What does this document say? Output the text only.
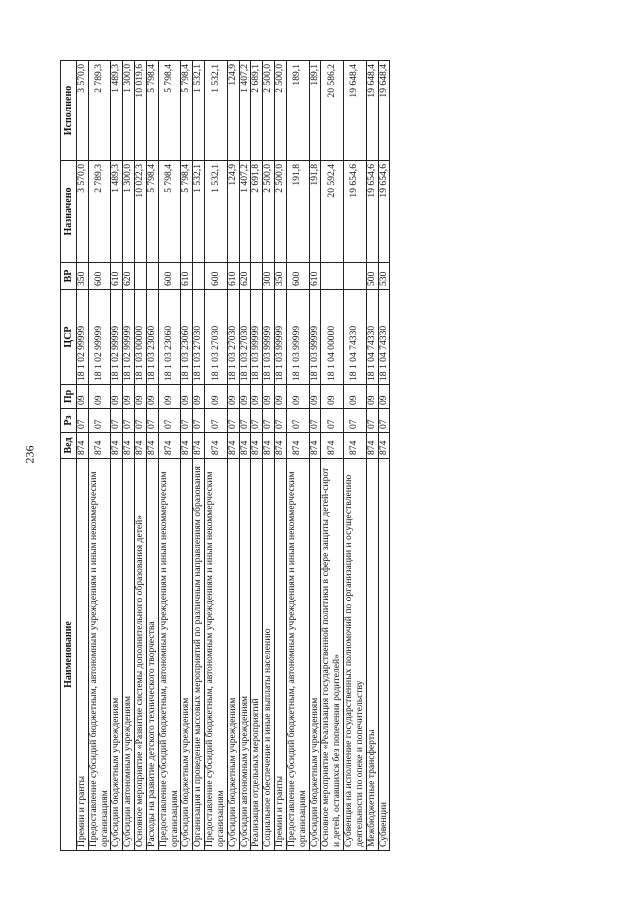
236
Наименование	Вед	Рз	Пр	ЦСР	ВР	Назначено	Исполнено
Премии и гранты	874	07	09	18 1 02 99999	350	3 570,0	3 570,0
Предоставление субсидий бюджетным, автономным учреждениям и иным некоммерческим организациям	874	07	09	18 1 02 99999	600	2 789,3	2 789,3
Субсидии бюджетным учреждениям	874	07	09	18 1 02 99999	610	1 489,3	1 489,3
Субсидии автономным учреждениям	874	07	09	18 1 02 99999	620	1 300,0	1 300,0
Основное мероприятие «Развитие системы дополнительного образования детей»	874	07	09	18 1 03 00000		10 022,3	10 019,6
Расходы на развитие детского технического творчества	874	07	09	18 1 03 23060		5 798,4	5 798,4
Предоставление субсидий бюджетным, автономным учреждениям и иным некоммерческим организациям	874	07	09	18 1 03 23060	600	5 798,4	5 798,4
Субсидии бюджетным учреждениям	874	07	09	18 1 03 23060	610	5 798,4	5 798,4
Организация и проведение массовых мероприятий по различным направлениям образования	874	07	09	18 1 03 27030		1 532,1	1 532,1
Предоставление субсидий бюджетным, автономным учреждениям и иным некоммерческим организациям	874	07	09	18 1 03 27030	600	1 532,1	1 532,1
Субсидии бюджетным учреждениям	874	07	09	18 1 03 27030	610	124,9	124,9
Субсидии автономным учреждениям	874	07	09	18 1 03 27030	620	1 407,2	1 407,2
Реализация отдельных мероприятий	874	07	09	18 1 03 99999		2 691,8	2 689,1
Социальное обеспечение и иные выплаты населению	874	07	09	18 1 03 99999	300	2 500,0	2 500,0
Премии и гранты	874	07	09	18 1 03 99999	350	2 500,0	2 500,0
Предоставление субсидий бюджетным, автономным учреждениям и иным некоммерческим организациям	874	07	09	18 1 03 99999	600	191,8	189,1
Субсидии бюджетным учреждениям	874	07	09	18 1 03 99999	610	191,8	189,1
Основное мероприятие «Реализация государственной политики в сфере защиты детей-сирот и детей, оставшихся без попечения родителей»	874	07	09	18 1 04 00000		20 592,4	20 586,2
Субвенция на исполнение государственных полномочий по организации и осуществлению деятельности по опеке и попечительству	874	07	09	18 1 04 74330		19 654,6	19 648,4
Межбюджетные трансферты	874	07	09	18 1 04 74330	500	19 654,6	19 648,4
Субвенции	874	07	09	18 1 04 74330	530	19 654,6	19 648,4
